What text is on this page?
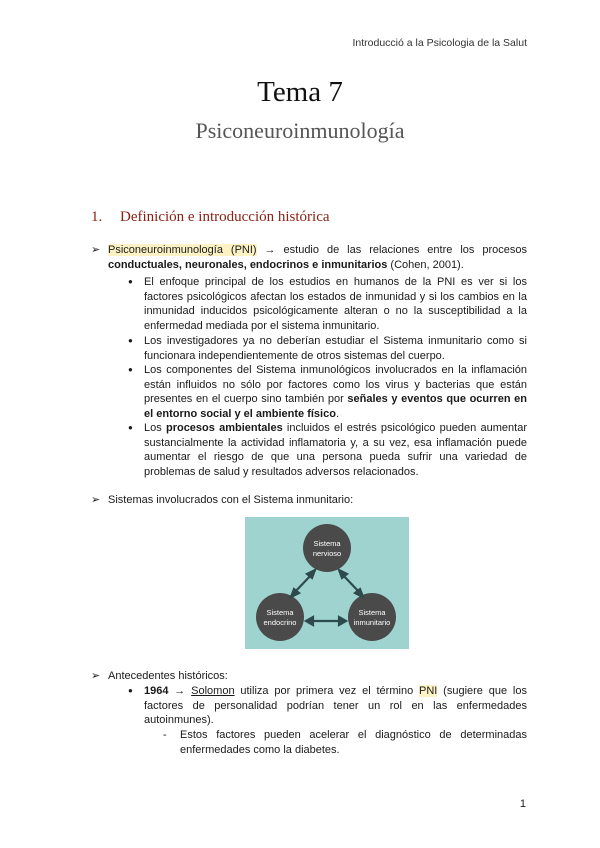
Introducció a la Psicologia de la Salut
Tema 7
Psiconeuroinmunología
1. Definición e introducción histórica
➢ Psiconeuroinmunología (PNI) → estudio de las relaciones entre los procesos conductuales, neuronales, endocrinos e inmunitarios (Cohen, 2001).
● El enfoque principal de los estudios en humanos de la PNI es ver si los factores psicológicos afectan los estados de inmunidad y si los cambios en la inmunidad inducidos psicológicamente alteran o no la susceptibilidad a la enfermedad mediada por el sistema inmunitario.
● Los investigadores ya no deberían estudiar el Sistema inmunitario como si funcionara independientemente de otros sistemas del cuerpo.
● Los componentes del Sistema inmunológicos involucrados en la inflamación están influidos no sólo por factores como los virus y bacterias que están presentes en el cuerpo sino también por señales y eventos que ocurren en el entorno social y el ambiente físico.
● Los procesos ambientales incluidos el estrés psicológico pueden aumentar sustancialmente la actividad inflamatoria y, a su vez, esa inflamación puede aumentar el riesgo de que una persona pueda sufrir una variedad de problemas de salud y resultados adversos relacionados.
➢ Sistemas involucrados con el Sistema inmunitario:
Sistema
nervioso
Sistema
endocrino
Sistema
inmunitario
➢ Antecedentes históricos:
● 1964 → Solomon utiliza por primera vez el término PNI (sugiere que los factores de personalidad podrían tener un rol en las enfermedades autoinmunes).
- Estos factores pueden acelerar el diagnóstico de determinadas enfermedades como la diabetes.
1
